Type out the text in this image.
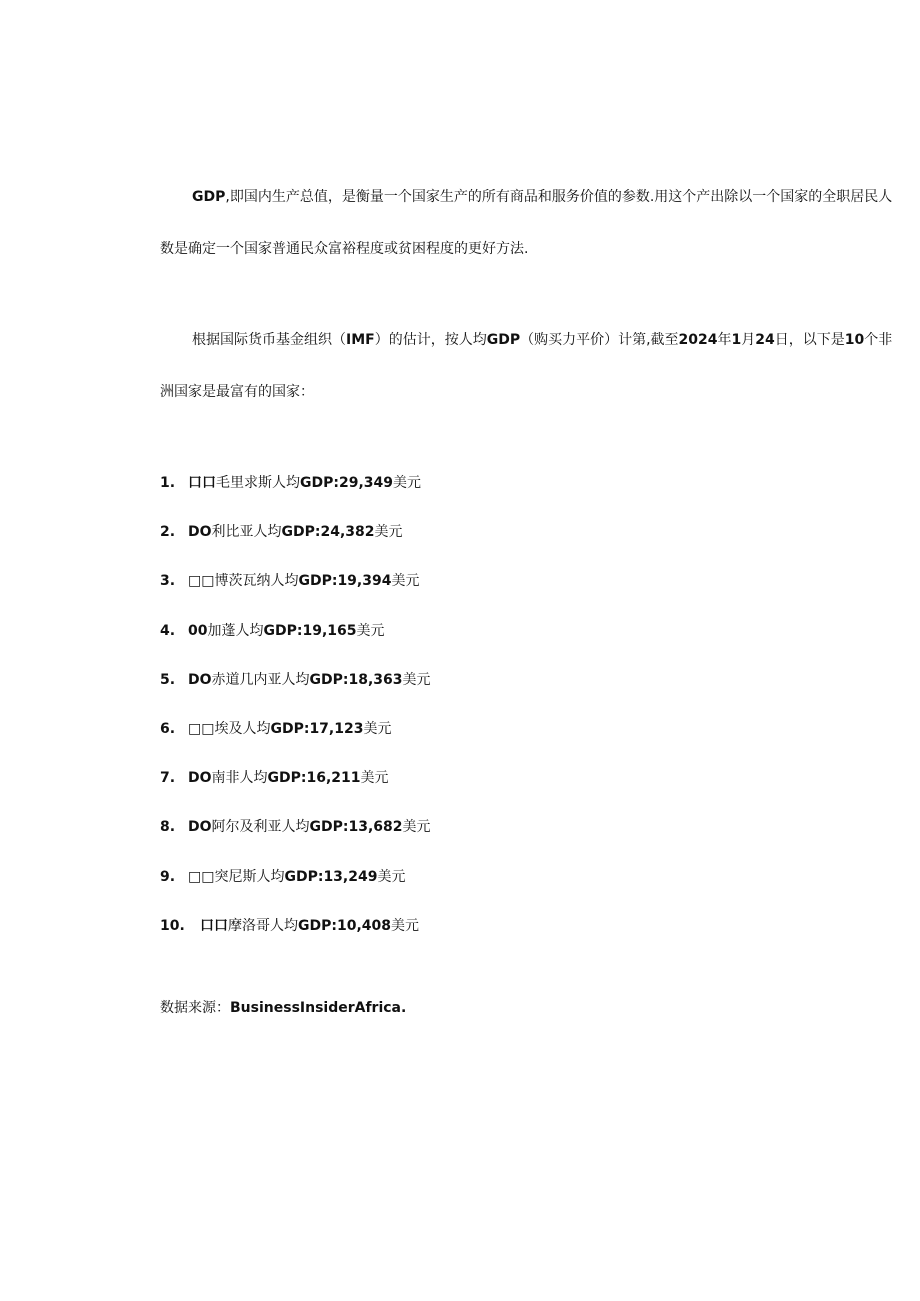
GDP,即国内生产总值，是衡量一个国家生产的所有商品和服务价值的参数.用这个产出除以一个国家的全职居民人数是确定一个国家普通民众富裕程度或贫困程度的更好方法.

根据国际货币基金组织（IMF）的估计，按人均GDP（购买力平价）计第,截至2024年1月24日，以下是10个非洲国家是最富有的国家：

1. 口口毛里求斯人均GDP:29,349美元
2. DO利比亚人均GDP:24,382美元
3. □□博茨瓦纳人均GDP:19,394美元
4. 00加蓬人均GDP:19,165美元
5. DO赤道几内亚人均GDP:18,363美元
6. □□埃及人均GDP:17,123美元
7. DO南非人均GDP:16,211美元
8. DO阿尔及利亚人均GDP:13,682美元
9. □□突尼斯人均GDP:13,249美元
10. 口口摩洛哥人均GDP:10,408美元

数据来源：BusinessInsiderAfrica.
